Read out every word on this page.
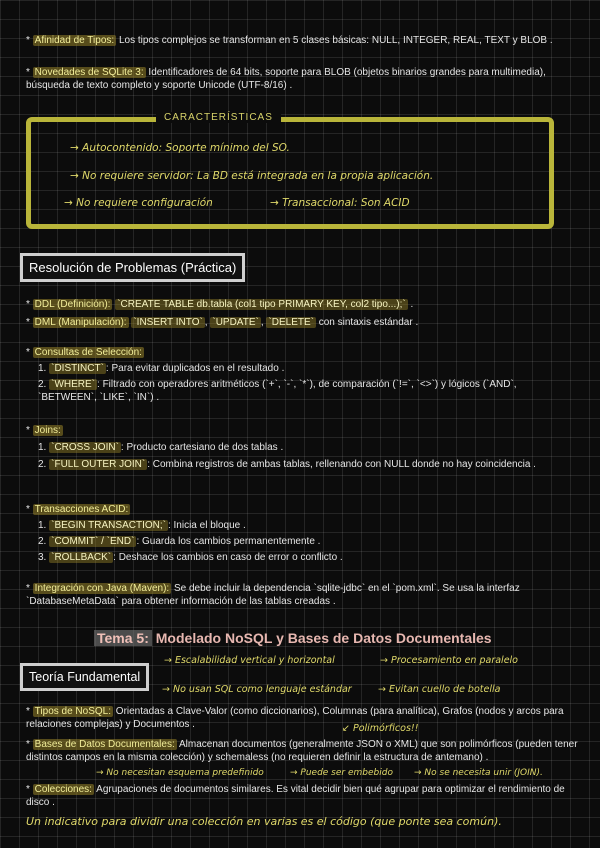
* Afinidad de Tipos: Los tipos complejos se transforman en 5 clases básicas: NULL, INTEGER, REAL, TEXT y BLOB .
* Novedades de SQLite 3: Identificadores de 64 bits, soporte para BLOB (objetos binarios grandes para multimedia), búsqueda de texto completo y soporte Unicode (UTF-8/16) .
CARACTERÍSTICAS
→ Autocontenido: Soporte mínimo del SO.
→ No requiere servidor: La BD está integrada en la propia aplicación.
→ No requiere configuración	→ Transaccional: Son ACID
Resolución de Problemas (Práctica)
* DDL (Definición): `CREATE TABLE db.tabla (col1 tipo PRIMARY KEY, col2 tipo...);` .
* DML (Manipulación): `INSERT INTO` , `UPDATE` , `DELETE` con sintaxis estándar .
* Consultas de Selección:
1. `DISTINCT` : Para evitar duplicados en el resultado .
2. `WHERE` : Filtrado con operadores aritméticos (`+`, `-`, `*`), de comparación (`!=`, `<>`) y lógicos (`AND`, `BETWEEN`, `LIKE`, `IN`) .
* Joins:
1. `CROSS JOIN` : Producto cartesiano de dos tablas .
2. `FULL OUTER JOIN` : Combina registros de ambas tablas, rellenando con NULL donde no hay coincidencia .
* Transacciones ACID:
1. `BEGIN TRANSACTION;` : Inicia el bloque .
2. `COMMIT` / `END` : Guarda los cambios permanentemente .
3. `ROLLBACK` : Deshace los cambios en caso de error o conflicto .
* Integración con Java (Maven): Se debe incluir la dependencia `sqlite-jdbc` en el `pom.xml`. Se usa la interfaz `DatabaseMetaData` para obtener información de las tablas creadas .
Tema 5: Modelado NoSQL y Bases de Datos Documentales
Teoría Fundamental
→ Escalabilidad vertical y horizontal	→ Procesamiento en paralelo
→ No usan SQL como lenguaje estándar	→ Evitan cuello de botella
* Tipos de NoSQL: Orientadas a Clave-Valor (como diccionarios), Columnas (para analítica), Grafos (nodos y arcos para relaciones complejas) y Documentos .	↙ Polimórficos!!
* Bases de Datos Documentales: Almacenan documentos (generalmente JSON o XML) que son polimórficos (pueden tener distintos campos en la misma colección) y schemaless (no requieren definir la estructura de antemano) .
→ No necesitan esquema predefinido	→ Puede ser embebido → No se necesita unir (JOIN).
* Colecciones: Agrupaciones de documentos similares. Es vital decidir bien qué agrupar para optimizar el rendimiento de disco .
Un indicativo para dividir una colección en varias es el código (que ponte sea común).
